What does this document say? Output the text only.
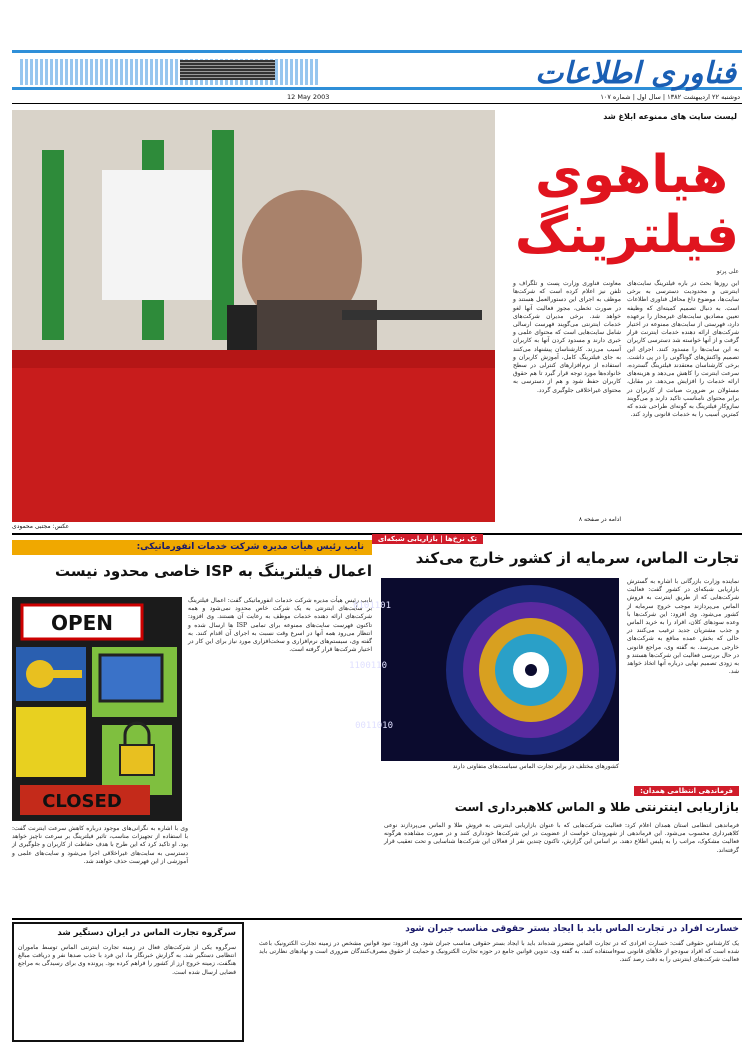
فناوری اطلاعات
دوشنبه ۲۲ اردیبهشت ۱۳۸۲ | سال اول | شماره ۱۰۷
12 May 2003
عکس: مجتبی محمودی
لیست سایت های ممنوعه ابلاغ شد
هیاهوی
فیلترینگ
علی پرتو
این روزها بحث در باره فیلترینگ سایت‌های اینترنتی و محدودیت دسترسی به برخی سایت‌ها، موضوع داغ محافل فناوری اطلاعات است. به دنبال تصمیم کمیته‌ای که وظیفه تعیین مصادیق سایت‌های غیرمجاز را برعهده دارد، فهرستی از سایت‌های ممنوعه در اختیار شرکت‌های ارائه دهنده خدمات اینترنت قرار گرفت و از آنها خواسته شد دسترسی کاربران به این سایت‌ها را مسدود کنند. اجرای این تصمیم واکنش‌های گوناگونی را در پی داشت. برخی کارشناسان معتقدند فیلترینگ گسترده، سرعت اینترنت را کاهش می‌دهد و هزینه‌های ارائه خدمات را افزایش می‌دهد. در مقابل، مسئولان بر ضرورت صیانت از کاربران در برابر محتوای نامناسب تاکید دارند و می‌گویند سازوکار فیلترینگ به گونه‌ای طراحی شده که کمترین آسیب را به خدمات قانونی وارد کند.
معاونت فناوری وزارت پست و تلگراف و تلفن نیز اعلام کرده است که شرکت‌ها موظف به اجرای این دستورالعمل هستند و در صورت تخطی، مجوز فعالیت آنها لغو خواهد شد. برخی مدیران شرکت‌های خدمات اینترنتی می‌گویند فهرست ارسالی شامل سایت‌هایی است که محتوای علمی و خبری دارند و مسدود کردن آنها به کاربران آسیب می‌زند. کارشناسان پیشنهاد می‌کنند به جای فیلترینگ کامل، آموزش کاربران و استفاده از نرم‌افزارهای کنترلی در سطح خانواده‌ها مورد توجه قرار گیرد تا هم حقوق کاربران حفظ شود و هم از دسترسی به محتوای غیراخلاقی جلوگیری گردد.
ادامه در صفحه ۸
نایب رئیس هیأت مدیره شرکت خدمات انفورماتیکی:
اعمال فیلترینگ به ISP خاصی محدود نیست
OPEN
CLOSED
نایب رئیس هیأت مدیره شرکت خدمات انفورماتیکی گفت: اعمال فیلترینگ بر سایت‌های اینترنتی به یک شرکت خاص محدود نمی‌شود و همه شرکت‌های ارائه دهنده خدمات موظف به رعایت آن هستند. وی افزود: تاکنون فهرست سایت‌های ممنوعه برای تمامی ISP ها ارسال شده و انتظار می‌رود همه آنها در اسرع وقت نسبت به اجرای آن اقدام کنند. به گفته وی، سیستم‌های نرم‌افزاری و سخت‌افزاری مورد نیاز برای این کار در اختیار شرکت‌ها قرار گرفته است.
وی با اشاره به نگرانی‌های موجود درباره کاهش سرعت اینترنت گفت: با استفاده از تجهیزات مناسب، تاثیر فیلترینگ بر سرعت ناچیز خواهد بود. او تاکید کرد که این طرح با هدف حفاظت از کاربران و جلوگیری از دسترسی به سایت‌های غیراخلاقی اجرا می‌شود و سایت‌های علمی و آموزشی از این فهرست حذف خواهند شد.
تک نرخ‌ها | بازاریابی شبکه‌ای
تجارت الماس، سرمایه از کشور خارج می‌کند
0101101
1100110
0011010
کشورهای مختلف در برابر تجارت الماس سیاست‌های متفاوتی دارند
نماینده وزارت بازرگانی با اشاره به گسترش بازاریابی شبکه‌ای در کشور گفت: فعالیت شرکت‌هایی که از طریق اینترنت به فروش الماس می‌پردازند موجب خروج سرمایه از کشور می‌شود. وی افزود: این شرکت‌ها با وعده سودهای کلان، افراد را به خرید الماس و جذب مشتریان جدید ترغیب می‌کنند در حالی که بخش عمده منافع به شرکت‌های خارجی می‌رسد. به گفته وی، مراجع قانونی در حال بررسی فعالیت این شرکت‌ها هستند و به زودی تصمیم نهایی درباره آنها اتخاذ خواهد شد.
فرماندهی انتظامی همدان:
بازاریابی اینترنتی طلا و الماس کلاهبرداری است
فرماندهی انتظامی استان همدان اعلام کرد: فعالیت شرکت‌هایی که با عنوان بازاریابی اینترنتی به فروش طلا و الماس می‌پردازند نوعی کلاهبرداری محسوب می‌شود. این فرماندهی از شهروندان خواست از عضویت در این شرکت‌ها خودداری کنند و در صورت مشاهده هرگونه فعالیت مشکوک، مراتب را به پلیس اطلاع دهند. بر اساس این گزارش، تاکنون چندین نفر از فعالان این شرکت‌ها شناسایی و تحت تعقیب قرار گرفته‌اند.
خسارت افراد در تجارت الماس باید با ایجاد بستر حقوقی مناسب جبران شود
یک کارشناس حقوقی گفت: خسارت افرادی که در تجارت الماس متضرر شده‌اند باید با ایجاد بستر حقوقی مناسب جبران شود. وی افزود: نبود قوانین مشخص در زمینه تجارت الکترونیک باعث شده است که افراد سودجو از خلأهای قانونی سوءاستفاده کنند. به گفته وی، تدوین قوانین جامع در حوزه تجارت الکترونیک و حمایت از حقوق مصرف‌کنندگان ضروری است و نهادهای نظارتی باید فعالیت شرکت‌های اینترنتی را به دقت رصد کنند.
سرگروه تجارت الماس در ایران دستگیر شد
سرگروه یکی از شرکت‌های فعال در زمینه تجارت اینترنتی الماس توسط ماموران انتظامی دستگیر شد. به گزارش خبرنگار ما، این فرد با جذب صدها نفر و دریافت مبالغ هنگفت، زمینه خروج ارز از کشور را فراهم کرده بود. پرونده وی برای رسیدگی به مراجع قضایی ارسال شده است.
